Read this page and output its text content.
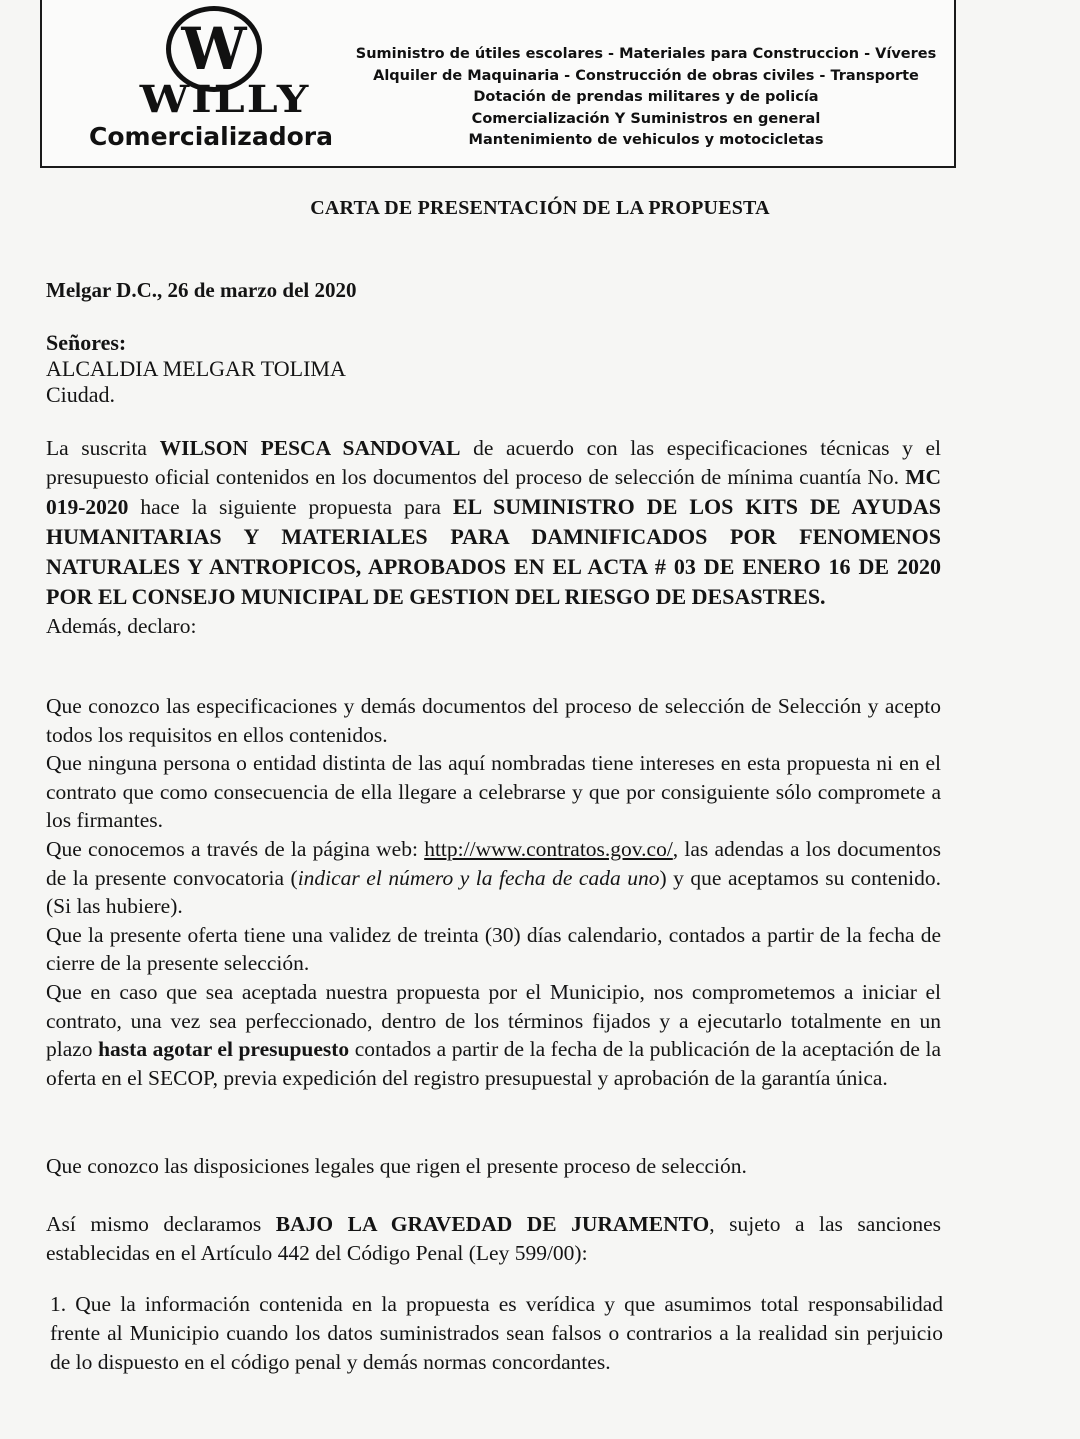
W
WILLY
Comercializadora
Suministro de útiles escolares - Materiales para Construccion - Víveres
Alquiler de Maquinaria - Construcción de obras civiles - Transporte
Dotación de prendas militares y de policía
Comercialización Y Suministros en general
Mantenimiento de vehiculos y motocicletas
CARTA DE PRESENTACIÓN DE LA PROPUESTA
Melgar D.C., 26 de marzo del 2020
Señores:
ALCALDIA MELGAR TOLIMA
Ciudad.
La suscrita WILSON PESCA SANDOVAL de acuerdo con las especificaciones técnicas y el presupuesto oficial contenidos en los documentos del proceso de selección de mínima cuantía No. MC 019-2020 hace la siguiente propuesta para EL SUMINISTRO DE LOS KITS DE AYUDAS HUMANITARIAS Y MATERIALES PARA DAMNIFICADOS POR FENOMENOS NATURALES Y ANTROPICOS, APROBADOS EN EL ACTA # 03 DE ENERO 16 DE 2020 POR EL CONSEJO MUNICIPAL DE GESTION DEL RIESGO DE DESASTRES.
Además, declaro:
Que conozco las especificaciones y demás documentos del proceso de selección de Selección y acepto todos los requisitos en ellos contenidos.
Que ninguna persona o entidad distinta de las aquí nombradas tiene intereses en esta propuesta ni en el contrato que como consecuencia de ella llegare a celebrarse y que por consiguiente sólo compromete a los firmantes.
Que conocemos a través de la página web: http://www.contratos.gov.co/, las adendas a los documentos de la presente convocatoria (indicar el número y la fecha de cada uno) y que aceptamos su contenido. (Si las hubiere).
Que la presente oferta tiene una validez de treinta (30) días calendario, contados a partir de la fecha de cierre de la presente selección.
Que en caso que sea aceptada nuestra propuesta por el Municipio, nos comprometemos a iniciar el contrato, una vez sea perfeccionado, dentro de los términos fijados y a ejecutarlo totalmente en un plazo hasta agotar el presupuesto contados a partir de la fecha de la publicación de la aceptación de la oferta en el SECOP, previa expedición del registro presupuestal y aprobación de la garantía única.
Que conozco las disposiciones legales que rigen el presente proceso de selección.
Así mismo declaramos BAJO LA GRAVEDAD DE JURAMENTO, sujeto a las sanciones establecidas en el Artículo 442 del Código Penal (Ley 599/00):
1. Que la información contenida en la propuesta es verídica y que asumimos total responsabilidad frente al Municipio cuando los datos suministrados sean falsos o contrarios a la realidad sin perjuicio de lo dispuesto en el código penal y demás normas concordantes.
